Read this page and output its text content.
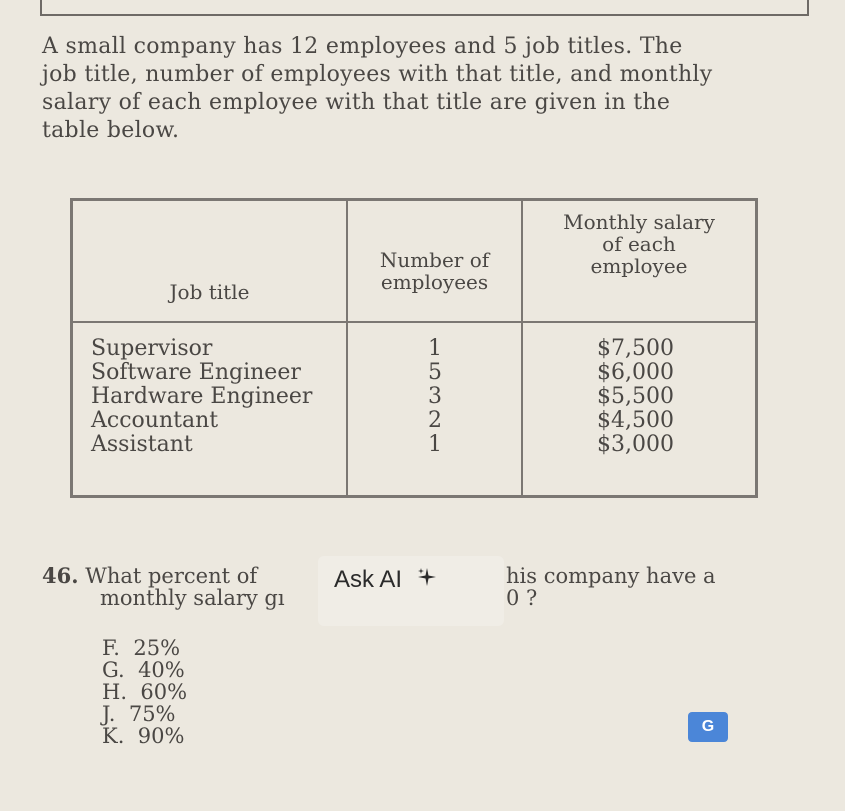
A small company has 12 employees and 5 job titles. The
job title, number of employees with that title, and monthly
salary of each employee with that title are given in the
table below.
Job title
Number of
employees
Monthly salary
of each
employee
Supervisor
Software Engineer
Hardware Engineer
Accountant
Assistant
1
5
3
2
1
$7,500
$6,000
$5,500
$4,500
$3,000
46. What percent of
monthly salary gı
his company have a
0 ?
Ask AI
F. 25%
G. 40%
H. 60%
J. 75%
K. 90%	G
